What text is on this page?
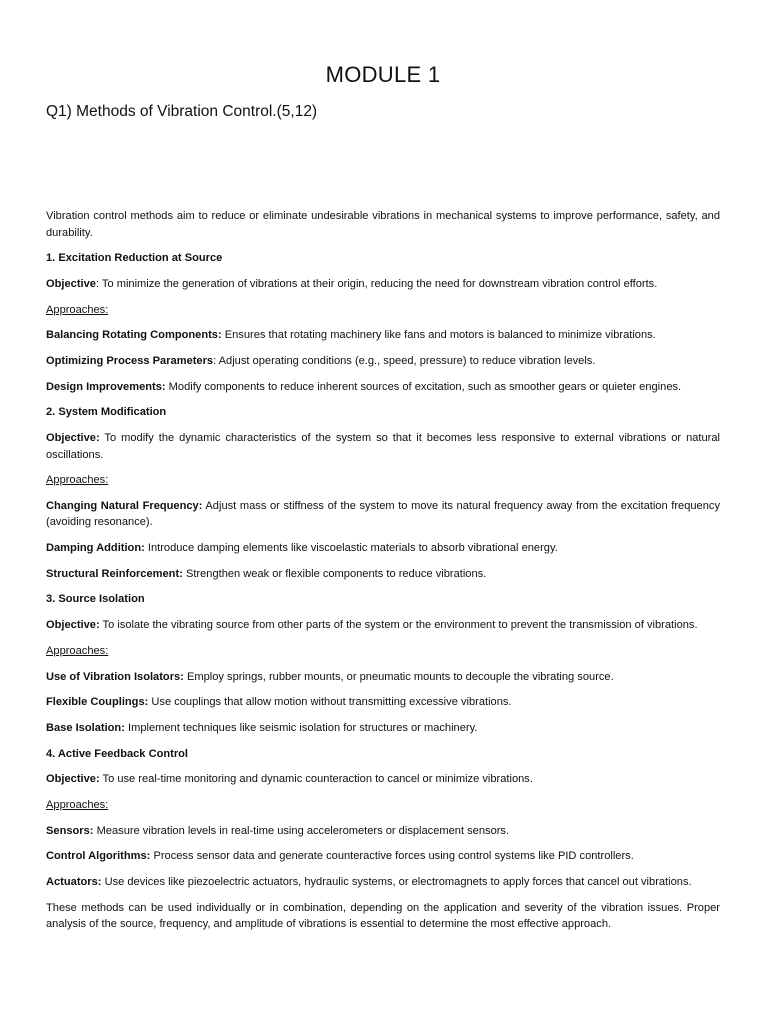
MODULE 1
Q1) Methods of Vibration Control.(5,12)

Vibration control methods aim to reduce or eliminate undesirable vibrations in mechanical systems to improve performance, safety, and durability.

1. Excitation Reduction at Source

Objective: To minimize the generation of vibrations at their origin, reducing the need for downstream vibration control efforts.

Approaches:

Balancing Rotating Components: Ensures that rotating machinery like fans and motors is balanced to minimize vibrations.

Optimizing Process Parameters: Adjust operating conditions (e.g., speed, pressure) to reduce vibration levels.

Design Improvements: Modify components to reduce inherent sources of excitation, such as smoother gears or quieter engines.

2. System Modification

Objective: To modify the dynamic characteristics of the system so that it becomes less responsive to external vibrations or natural oscillations.

Approaches:

Changing Natural Frequency: Adjust mass or stiffness of the system to move its natural frequency away from the excitation frequency (avoiding resonance).

Damping Addition: Introduce damping elements like viscoelastic materials to absorb vibrational energy.

Structural Reinforcement: Strengthen weak or flexible components to reduce vibrations.

3. Source Isolation

Objective: To isolate the vibrating source from other parts of the system or the environment to prevent the transmission of vibrations.

Approaches:

Use of Vibration Isolators: Employ springs, rubber mounts, or pneumatic mounts to decouple the vibrating source.

Flexible Couplings: Use couplings that allow motion without transmitting excessive vibrations.

Base Isolation: Implement techniques like seismic isolation for structures or machinery.

4. Active Feedback Control

Objective: To use real-time monitoring and dynamic counteraction to cancel or minimize vibrations.

Approaches:

Sensors: Measure vibration levels in real-time using accelerometers or displacement sensors.

Control Algorithms: Process sensor data and generate counteractive forces using control systems like PID controllers.

Actuators: Use devices like piezoelectric actuators, hydraulic systems, or electromagnets to apply forces that cancel out vibrations.

These methods can be used individually or in combination, depending on the application and severity of the vibration issues. Proper analysis of the source, frequency, and amplitude of vibrations is essential to determine the most effective approach.
